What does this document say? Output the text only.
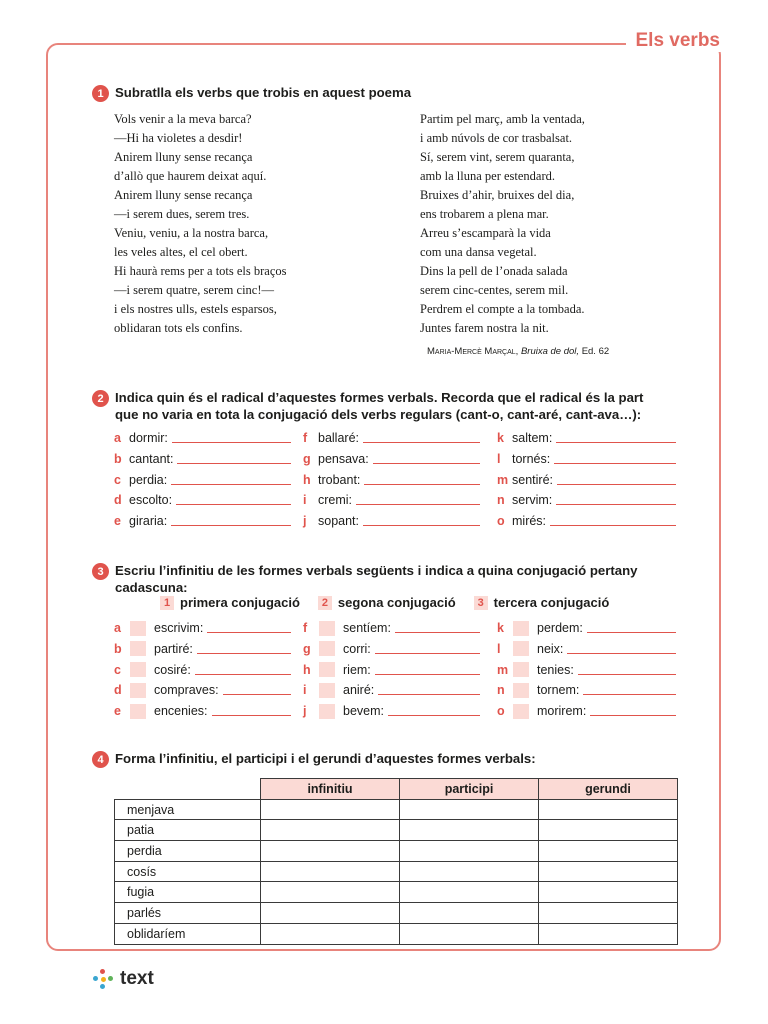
Els verbs
1 Subratlla els verbs que trobis en aquest poema
Vols venir a la meva barca?
—Hi ha violetes a desdir!
Anirem lluny sense recança
d’allò que haurem deixat aquí.
Anirem lluny sense recança
—i serem dues, serem tres.
Veniu, veniu, a la nostra barca,
les veles altes, el cel obert.
Hi haurà rems per a tots els braços
—i serem quatre, serem cinc!—
i els nostres ulls, estels esparsos,
oblidaran tots els confins.
Partim pel març, amb la ventada,
i amb núvols de cor trasbalsat.
Sí, serem vint, serem quaranta,
amb la lluna per estendard.
Bruixes d’ahir, bruixes del dia,
ens trobarem a plena mar.
Arreu s’escamparà la vida
com una dansa vegetal.
Dins la pell de l’onada salada
serem cinc-centes, serem mil.
Perdrem el compte a la tombada.
Juntes farem nostra la nit.
Maria-Mercè Marçal, Bruixa de dol, Ed. 62
2 Indica quin és el radical d’aquestes formes verbals. Recorda que el radical és la part
que no varia en tota la conjugació dels verbs regulars (cant-o, cant-aré, cant-ava…):
a dormir:
b cantant:
c perdia:
d escolto:
e giraria:
f ballaré:
g pensava:
h trobant:
i cremi:
j sopant:
k saltem:
l tornés:
m sentiré:
n servim:
o mirés:
3 Escriu l’infinitiu de les formes verbals següents i indica a quina conjugació pertany
cadascuna:
1 primera conjugació	2 segona conjugació	3 tercera conjugació
a	escrivim:
b	partiré:
c	cosiré:
d	compraves:
e	encenies:
f	sentíem:
g	corri:
h	riem:
i	aniré:
j	bevem:
k	perdem:
l	neix:
m	tenies:
n	tornem:
o	morirem:
4 Forma l’infinitiu, el participi i el gerundi d’aquestes formes verbals:
	infinitiu	participi	gerundi
menjava			
patia			
perdia			
cosís			
fugia			
parlés			
oblidaríem			
text
